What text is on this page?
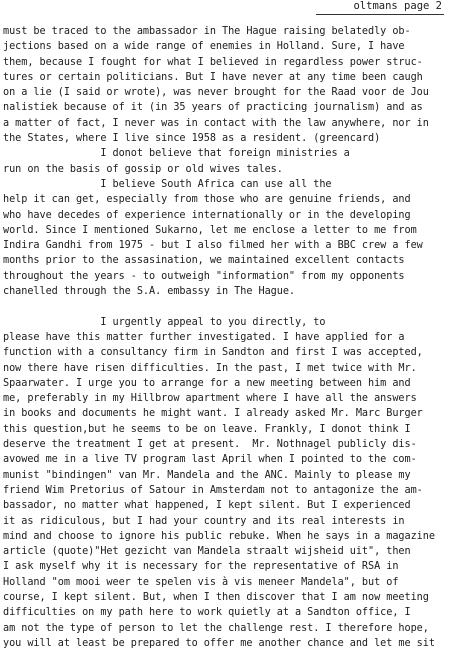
oltmans page 2
must be traced to the ambassador in The Hague raising belatedly ob-
jections based on a wide range of enemies in Holland. Sure, I have
them, because I fought for what I believed in regardless power struc-
tures or certain politicians. But I have never at any time been caugh
on a lie (I said or wrote), was never brought for the Raad voor de Jou
nalistiek because of it (in 35 years of practicing journalism) and as
a matter of fact, I never was in contact with the law anywhere, nor in
the States, where I live since 1958 as a resident. (greencard)
I donot believe that foreign ministries a
run on the basis of gossip or old wives tales.
I believe South Africa can use all the
help it can get, especially from those who are genuine friends, and
who have decedes of experience internationally or in the developing
world. Since I mentioned Sukarno, let me enclose a letter to me from
Indira Gandhi from 1975 - but I also filmed her with a BBC crew a few
months prior to the assasination, we maintained excellent contacts
throughout the years - to outweigh "information" from my opponents
chanelled through the S.A. embassy in The Hague.
I urgently appeal to you directly, to
please have this matter further investigated. I have applied for a
function with a consultancy firm in Sandton and first I was accepted,
now there have risen difficulties. In the past, I met twice with Mr.
Spaarwater. I urge you to arrange for a new meeting between him and
me, preferably in my Hillbrow apartment where I have all the answers
in books and documents he might want. I already asked Mr. Marc Burger
this question,but he seems to be on leave. Frankly, I donot think I
deserve the treatment I get at present.  Mr. Nothnagel publicly dis-
avowed me in a live TV program last April when I pointed to the com-
munist "bindingen" van Mr. Mandela and the ANC. Mainly to please my
friend Wim Pretorius of Satour in Amsterdam not to antagonize the am-
bassador, no matter what happened, I kept silent. But I experienced
it as ridiculous, but I had your country and its real interests in
mind and choose to ignore his public rebuke. When he says in a magazine
article (quote)"Het gezicht van Mandela straalt wijsheid uit", then
I ask myself why it is necessary for the representative of RSA in
Holland "om mooi weer te spelen vis à vis meneer Mandela", but of
course, I kept silent. But, when I then discover that I am now meeting
difficulties on my path here to work quietly at a Sandton office, I
am not the type of person to let the challenge rest. I therefore hope,
you will at least be prepared to offer me another chance and let me sit
